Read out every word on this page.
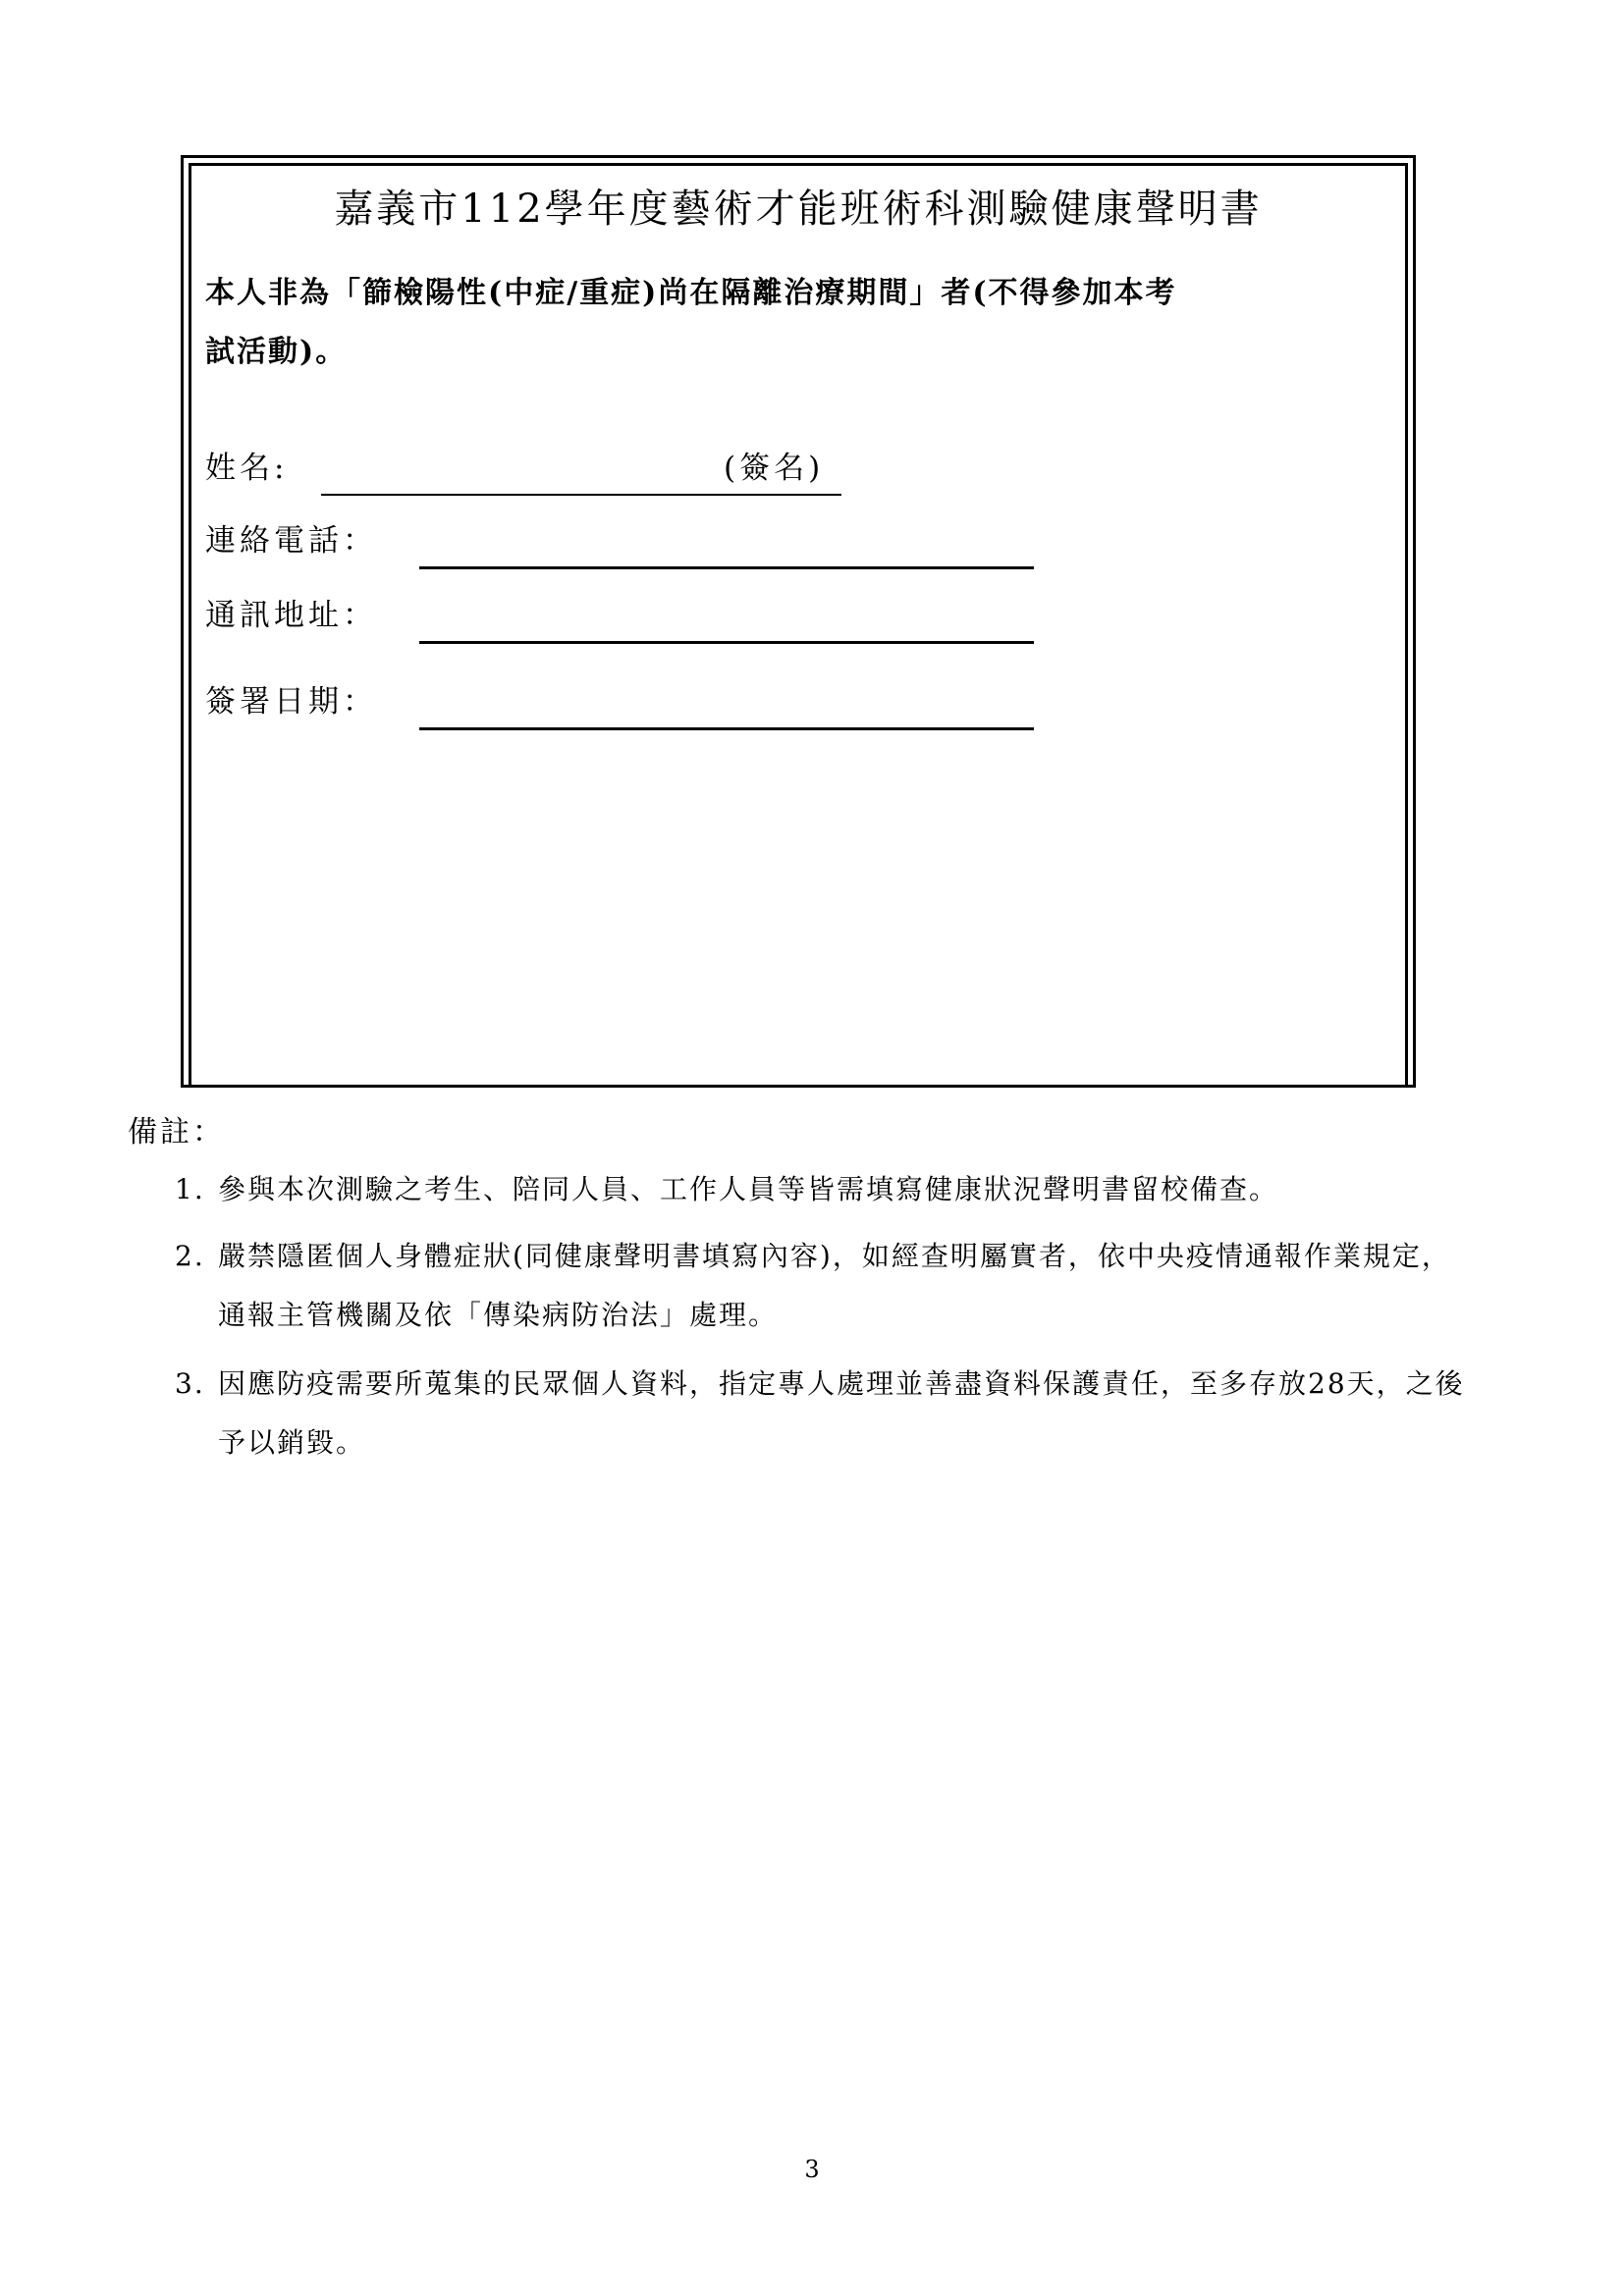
嘉義市112學年度藝術才能班術科測驗健康聲明書
本人非為「篩檢陽性(中症/重症)尚在隔離治療期間」者(不得參加本考
試活動)。
姓名:	(簽名)
連絡電話：
通訊地址：
簽署日期：
備註：
1. 參與本次測驗之考生、陪同人員、工作人員等皆需填寫健康狀況聲明書留校備查。
2. 嚴禁隱匿個人身體症狀(同健康聲明書填寫內容)，如經查明屬實者，依中央疫情通報作業規定，
通報主管機關及依「傳染病防治法」處理。
3. 因應防疫需要所蒐集的民眾個人資料，指定專人處理並善盡資料保護責任，至多存放28天，之後
予以銷毀。
3
